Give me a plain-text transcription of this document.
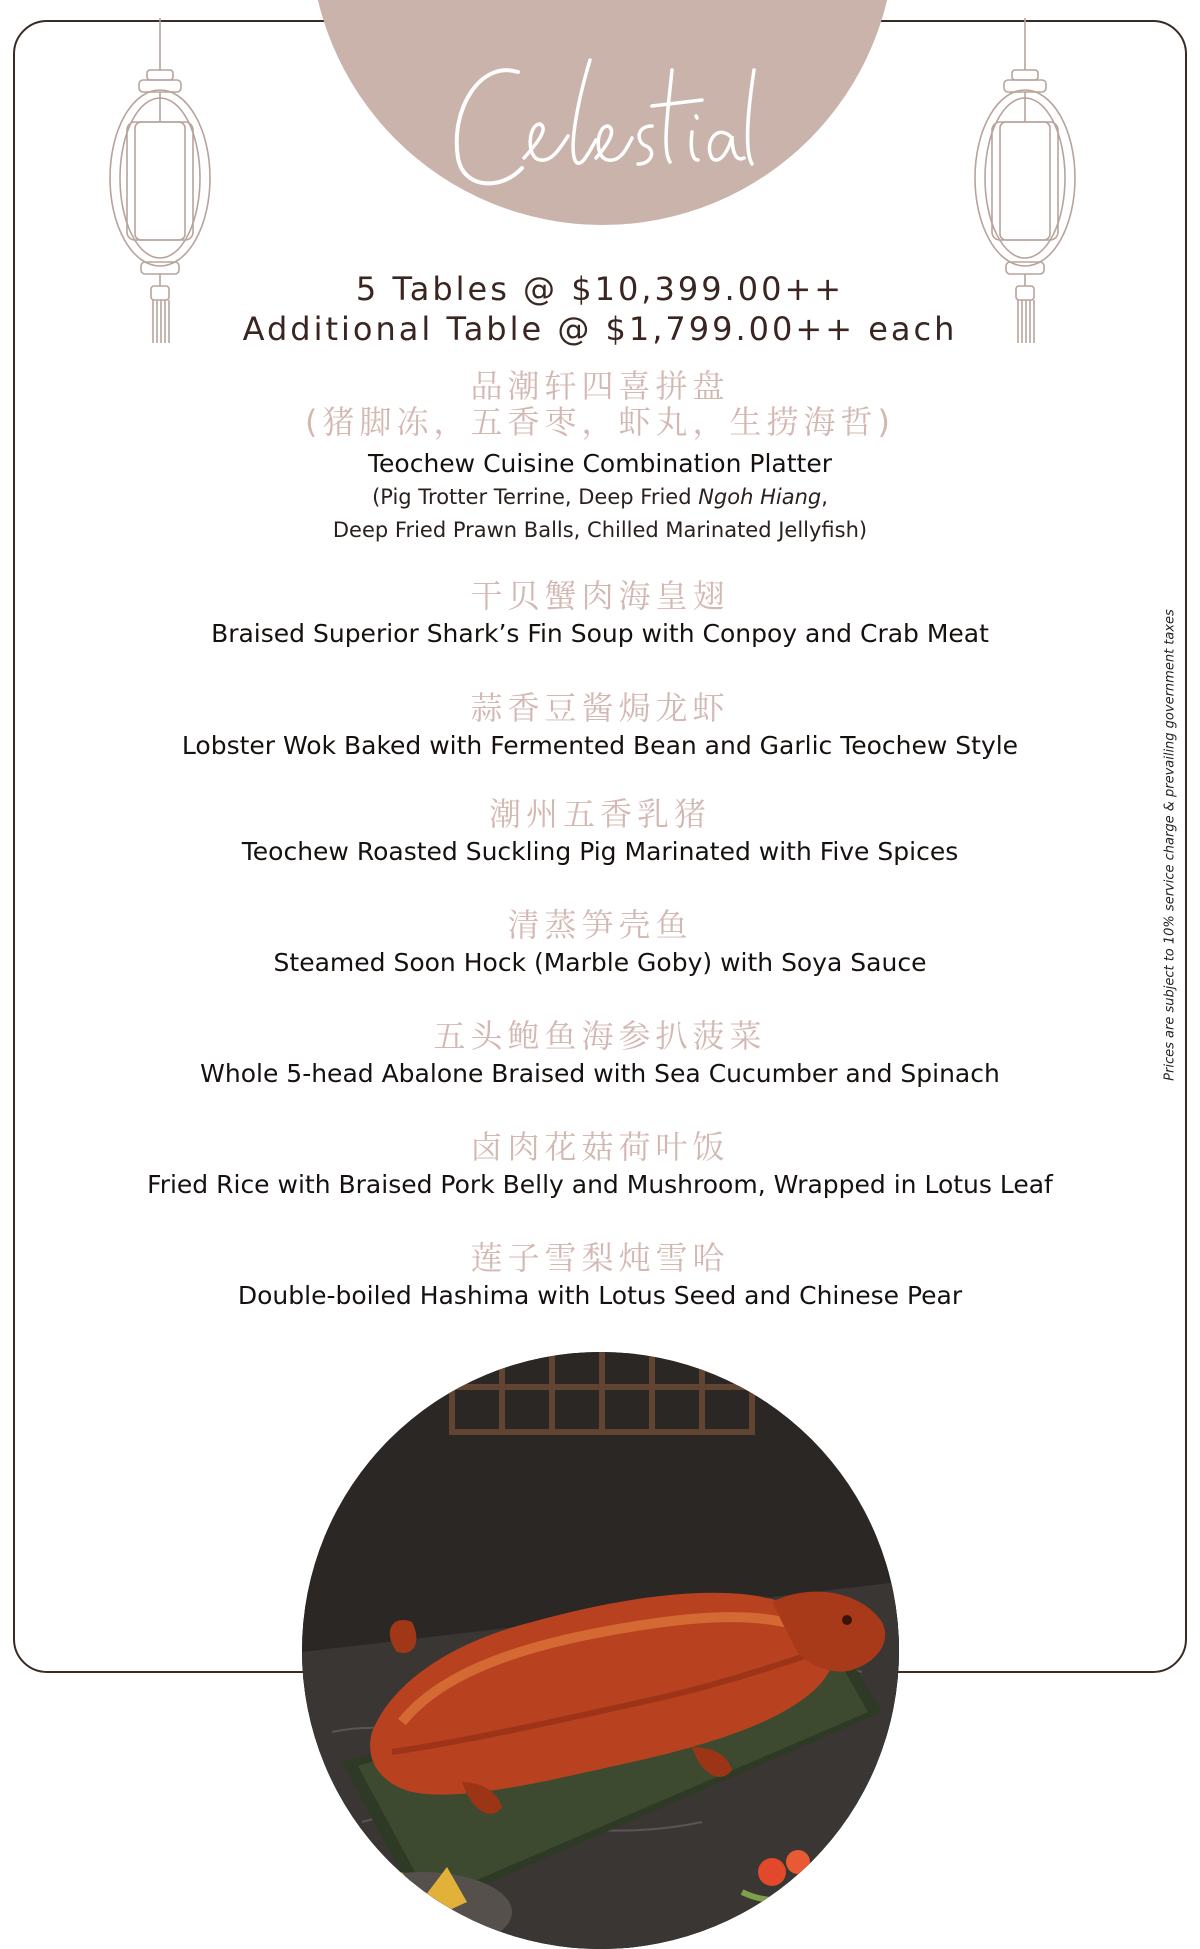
5 Tables @ $10,399.00++
Additional Table @ $1,799.00++ each
品潮轩四喜拼盘
(猪脚冻，五香枣，虾丸，生捞海哲)
Teochew Cuisine Combination Platter
(Pig Trotter Terrine, Deep Fried Ngoh Hiang,
Deep Fried Prawn Balls, Chilled Marinated Jellyfish)
干贝蟹肉海皇翅
Braised Superior Shark’s Fin Soup with Conpoy and Crab Meat
蒜香豆酱焗龙虾
Lobster Wok Baked with Fermented Bean and Garlic Teochew Style
潮州五香乳猪
Teochew Roasted Suckling Pig Marinated with Five Spices
清蒸笋壳鱼
Steamed Soon Hock (Marble Goby) with Soya Sauce
五头鲍鱼海参扒菠菜
Whole 5-head Abalone Braised with Sea Cucumber and Spinach
卤肉花菇荷叶饭
Fried Rice with Braised Pork Belly and Mushroom, Wrapped in Lotus Leaf
莲子雪梨炖雪哈
Double-boiled Hashima with Lotus Seed and Chinese Pear
Prices are subject to 10% service charge & prevailing government taxes
